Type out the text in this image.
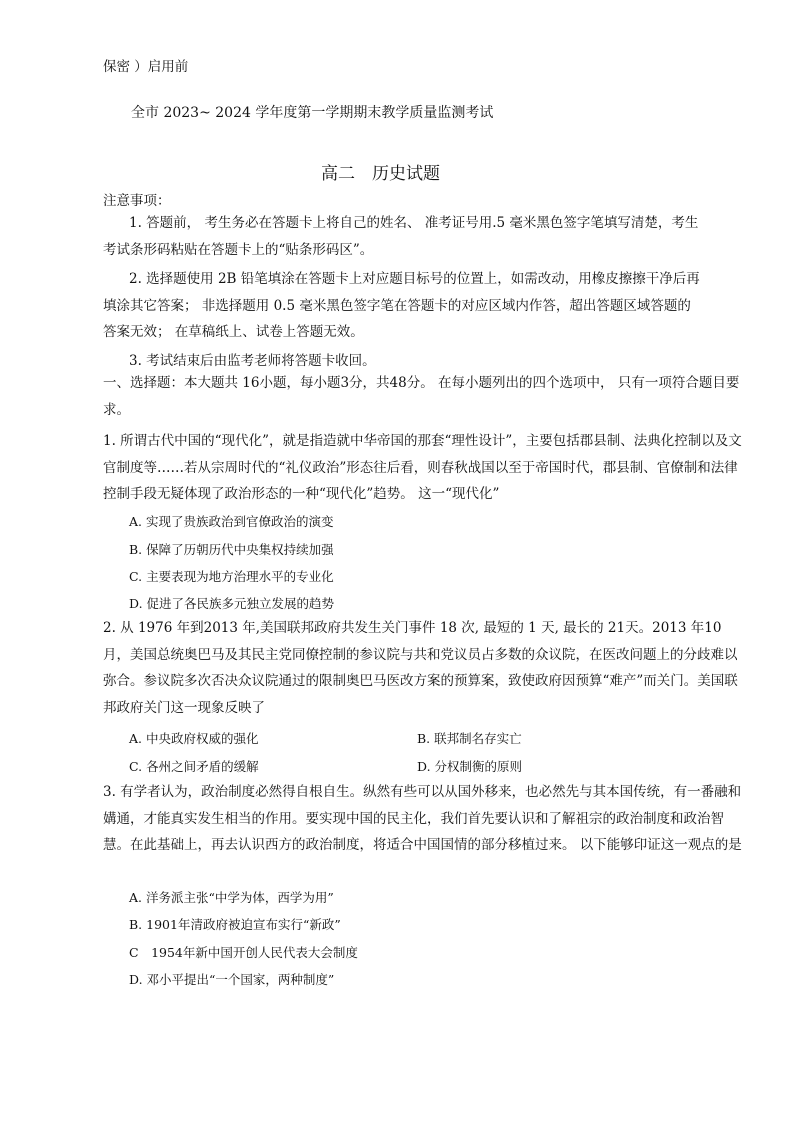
保密 ）启用前
全市 2023~ 2024 学年度第一学期期末教学质量监测考试
高二　历史试题
注意事项：
1. 答题前， 考生务必在答题卡上将自己的姓名、 准考证号用.5 毫米黑色签字笔填写清楚，考生考试条形码粘贴在答题卡上的“贴条形码区”。
2. 选择题使用 2B 铅笔填涂在答题卡上对应题目标号的位置上，如需改动，用橡皮擦擦干净后再填涂其它答案； 非选择题用 0.5 毫米黑色签字笔在答题卡的对应区域内作答，超出答题区域答题的答案无效； 在草稿纸上、试卷上答题无效。
3. 考试结束后由监考老师将答题卡收回。
一、选择题：本大题共 16小题，每小题3分，共48分。 在每小题列出的四个选项中， 只有一项符合题目要求。
1. 所谓古代中国的“现代化”，就是指造就中华帝国的那套“理性设计”，主要包括郡县制、法典化控制以及文官制度等……若从宗周时代的“礼仪政治”形态往后看，则春秋战国以至于帝国时代，郡县制、官僚制和法律控制手段无疑体现了政治形态的一种“现代化”趋势。 这一“现代化”
A. 实现了贵族政治到官僚政治的演变
B. 保障了历朝历代中央集权持续加强
C. 主要表现为地方治理水平的专业化
D. 促进了各民族多元独立发展的趋势
2. 从 1976 年到2013 年,美国联邦政府共发生关门事件 18 次, 最短的 1 天, 最长的 21天。2013 年10月，美国总统奥巴马及其民主党同僚控制的参议院与共和党议员占多数的众议院，在医改问题上的分歧难以弥合。参议院多次否决众议院通过的限制奥巴马医改方案的预算案，致使政府因预算“难产”而关门。美国联邦政府关门这一现象反映了
A. 中央政府权威的强化	B. 联邦制名存实亡
C. 各州之间矛盾的缓解	D. 分权制衡的原则
3. 有学者认为，政治制度必然得自根自生。纵然有些可以从国外移来，也必然先与其本国传统，有一番融和媾通，才能真实发生相当的作用。要实现中国的民主化，我们首先要认识和了解祖宗的政治制度和政治智慧。在此基础上，再去认识西方的政治制度，将适合中国国情的部分移植过来。 以下能够印证这一观点的是
A. 洋务派主张“中学为体，西学为用”
B. 1901年清政府被迫宣布实行“新政”
C　1954年新中国开创人民代表大会制度
D. 邓小平提出“一个国家，两种制度”
